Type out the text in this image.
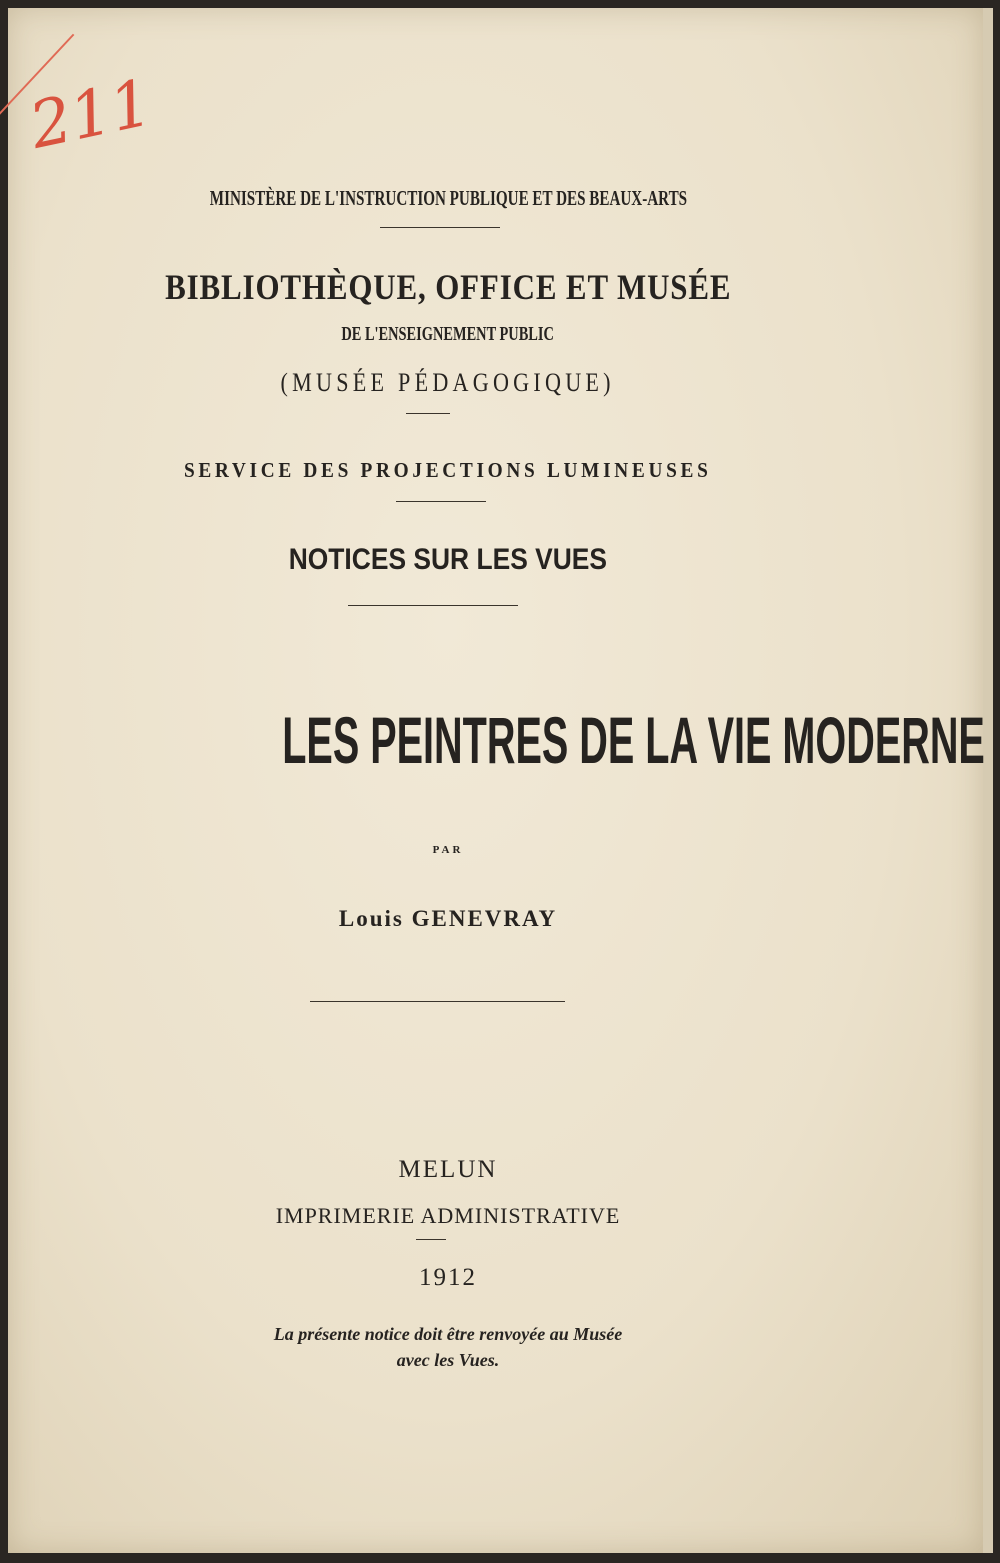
211
MINISTÈRE DE L'INSTRUCTION PUBLIQUE ET DES BEAUX-ARTS
BIBLIOTHÈQUE, OFFICE ET MUSÉE
DE L'ENSEIGNEMENT PUBLIC
(MUSÉE PÉDAGOGIQUE)
SERVICE DES PROJECTIONS LUMINEUSES
NOTICES SUR LES VUES
LES PEINTRES DE LA VIE MODERNE
PAR
Louis GENEVRAY
MELUN
IMPRIMERIE ADMINISTRATIVE
1912
La présente notice doit être renvoyée au Musée
avec les Vues.
